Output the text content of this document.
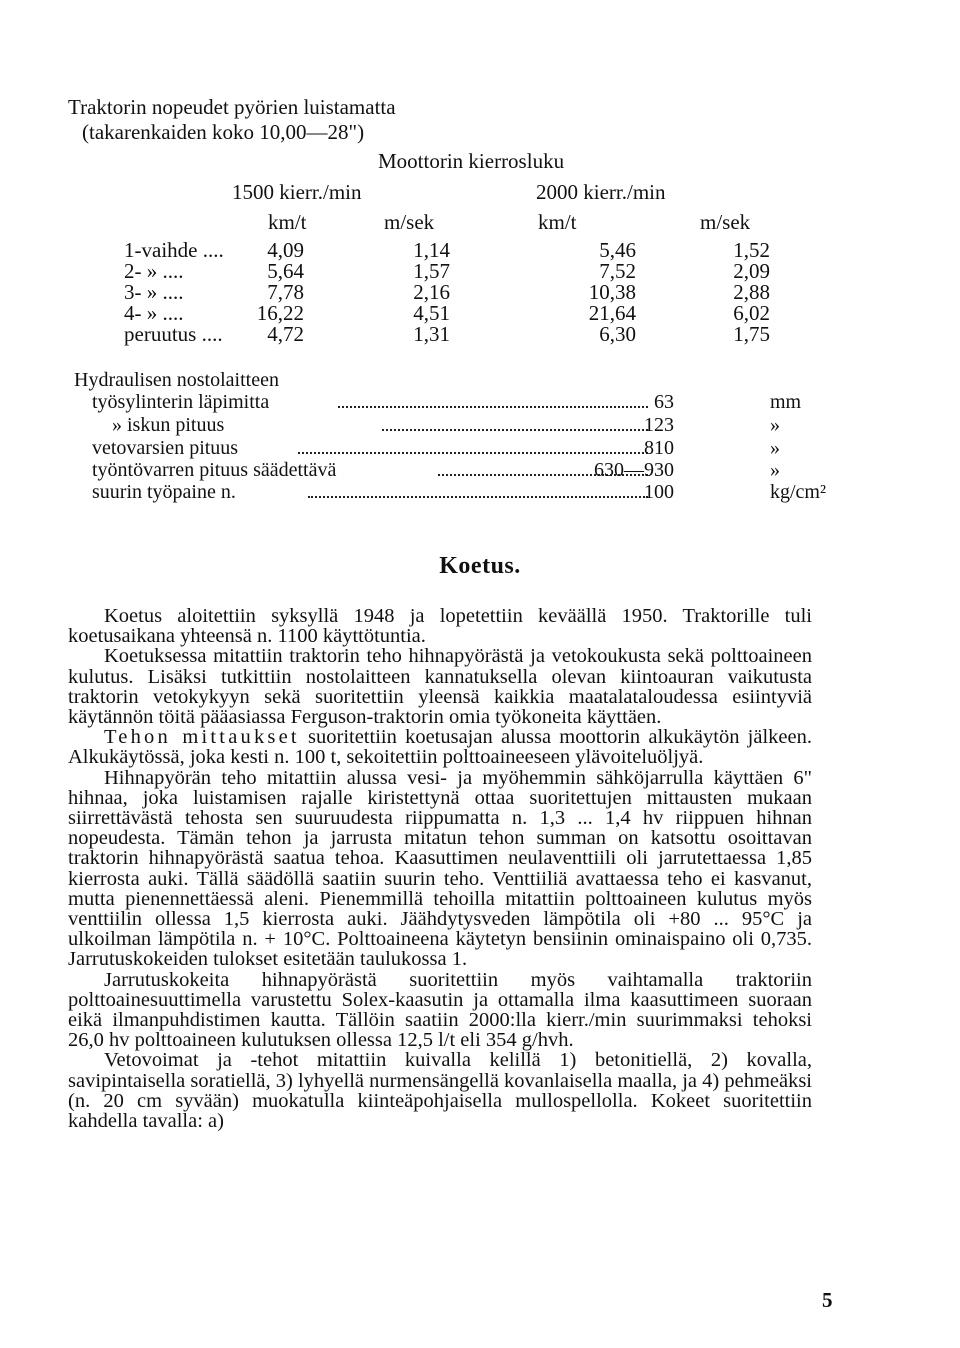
Traktorin nopeudet pyörien luistamatta
(takarenkaiden koko 10,00—28")
Moottorin kierrosluku
1500 kierr./min	2000 kierr./min
km/t	m/sek	km/t	m/sek
1-vaihde .... 4,09	1,14	5,46	1,52
2- » ....	5,64	1,57	7,52	2,09
3- » ....	7,78	2,16	10,38	2,88
4- » ....	16,22	4,51	21,64	6,02
peruutus .... 4,72	1,31	6,30	1,75
Hydraulisen nostolaitteen
työsylinterin läpimitta	63	mm
» iskun pituus	123	»
vetovarsien pituus	810	»
työntövarren pituus säädettävä	630—930	»
suurin työpaine n.	100	kg/cm²
Koetus.

Koetus aloitettiin syksyllä 1948 ja lopetettiin keväällä 1950. Traktorille tuli koetusaikana yhteensä n. 1100 käyttötuntia.

Koetuksessa mitattiin traktorin teho hihnapyörästä ja vetokoukusta sekä polttoaineen kulutus. Lisäksi tutkittiin nostolaitteen kannatuksella olevan kiintoauran vaikutusta traktorin vetokykyyn sekä suoritettiin yleensä kaikkia maatalataloudessa esiintyviä käytännön töitä pääasiassa Ferguson-traktorin omia työkoneita käyttäen.

Tehon mittaukset suoritettiin koetusajan alussa moottorin alkukäytön jälkeen. Alkukäytössä, joka kesti n. 100 t, sekoitettiin polttoaineeseen ylävoiteluöljyä.

Hihnapyörän teho mitattiin alussa vesi- ja myöhemmin sähköjarrulla käyttäen 6" hihnaa, joka luistamisen rajalle kiristettynä ottaa suoritettujen mittausten mukaan siirrettävästä tehosta sen suuruudesta riippumatta n. 1,3 ... 1,4 hv riippuen hihnan nopeudesta. Tämän tehon ja jarrusta mitatun tehon summan on katsottu osoittavan traktorin hihnapyörästä saatua tehoa. Kaasuttimen neulaventtiili oli jarrutettaessa 1,85 kierrosta auki. Tällä säädöllä saatiin suurin teho. Venttiiliä avattaessa teho ei kasvanut, mutta pienennettäessä aleni. Pienemmillä tehoilla mitattiin polttoaineen kulutus myös venttiilin ollessa 1,5 kierrosta auki. Jäähdytysveden lämpötila oli +80 ... 95°C ja ulkoilman lämpötila n. + 10°C. Polttoaineena käytetyn bensiinin ominaispaino oli 0,735. Jarrutuskokeiden tulokset esitetään taulukossa 1.

Jarrutuskokeita hihnapyörästä suoritettiin myös vaihtamalla traktoriin polttoainesuuttimella varustettu Solex-kaasutin ja ottamalla ilma kaasuttimeen suoraan eikä ilmanpuhdistimen kautta. Tällöin saatiin 2000:lla kierr./min suurimmaksi tehoksi 26,0 hv polttoaineen kulutuksen ollessa 12,5 l/t eli 354 g/hvh.

Vetovoimat ja -tehot mitattiin kuivalla kelillä 1) betonitiellä, 2) kovalla, savipintaisella soratiellä, 3) lyhyellä nurmensängellä kovanlaisella maalla, ja 4) pehmeäksi (n. 20 cm syvään) muokatulla kiinteäpohjaisella mullospellolla. Kokeet suoritettiin kahdella tavalla: a)

5
